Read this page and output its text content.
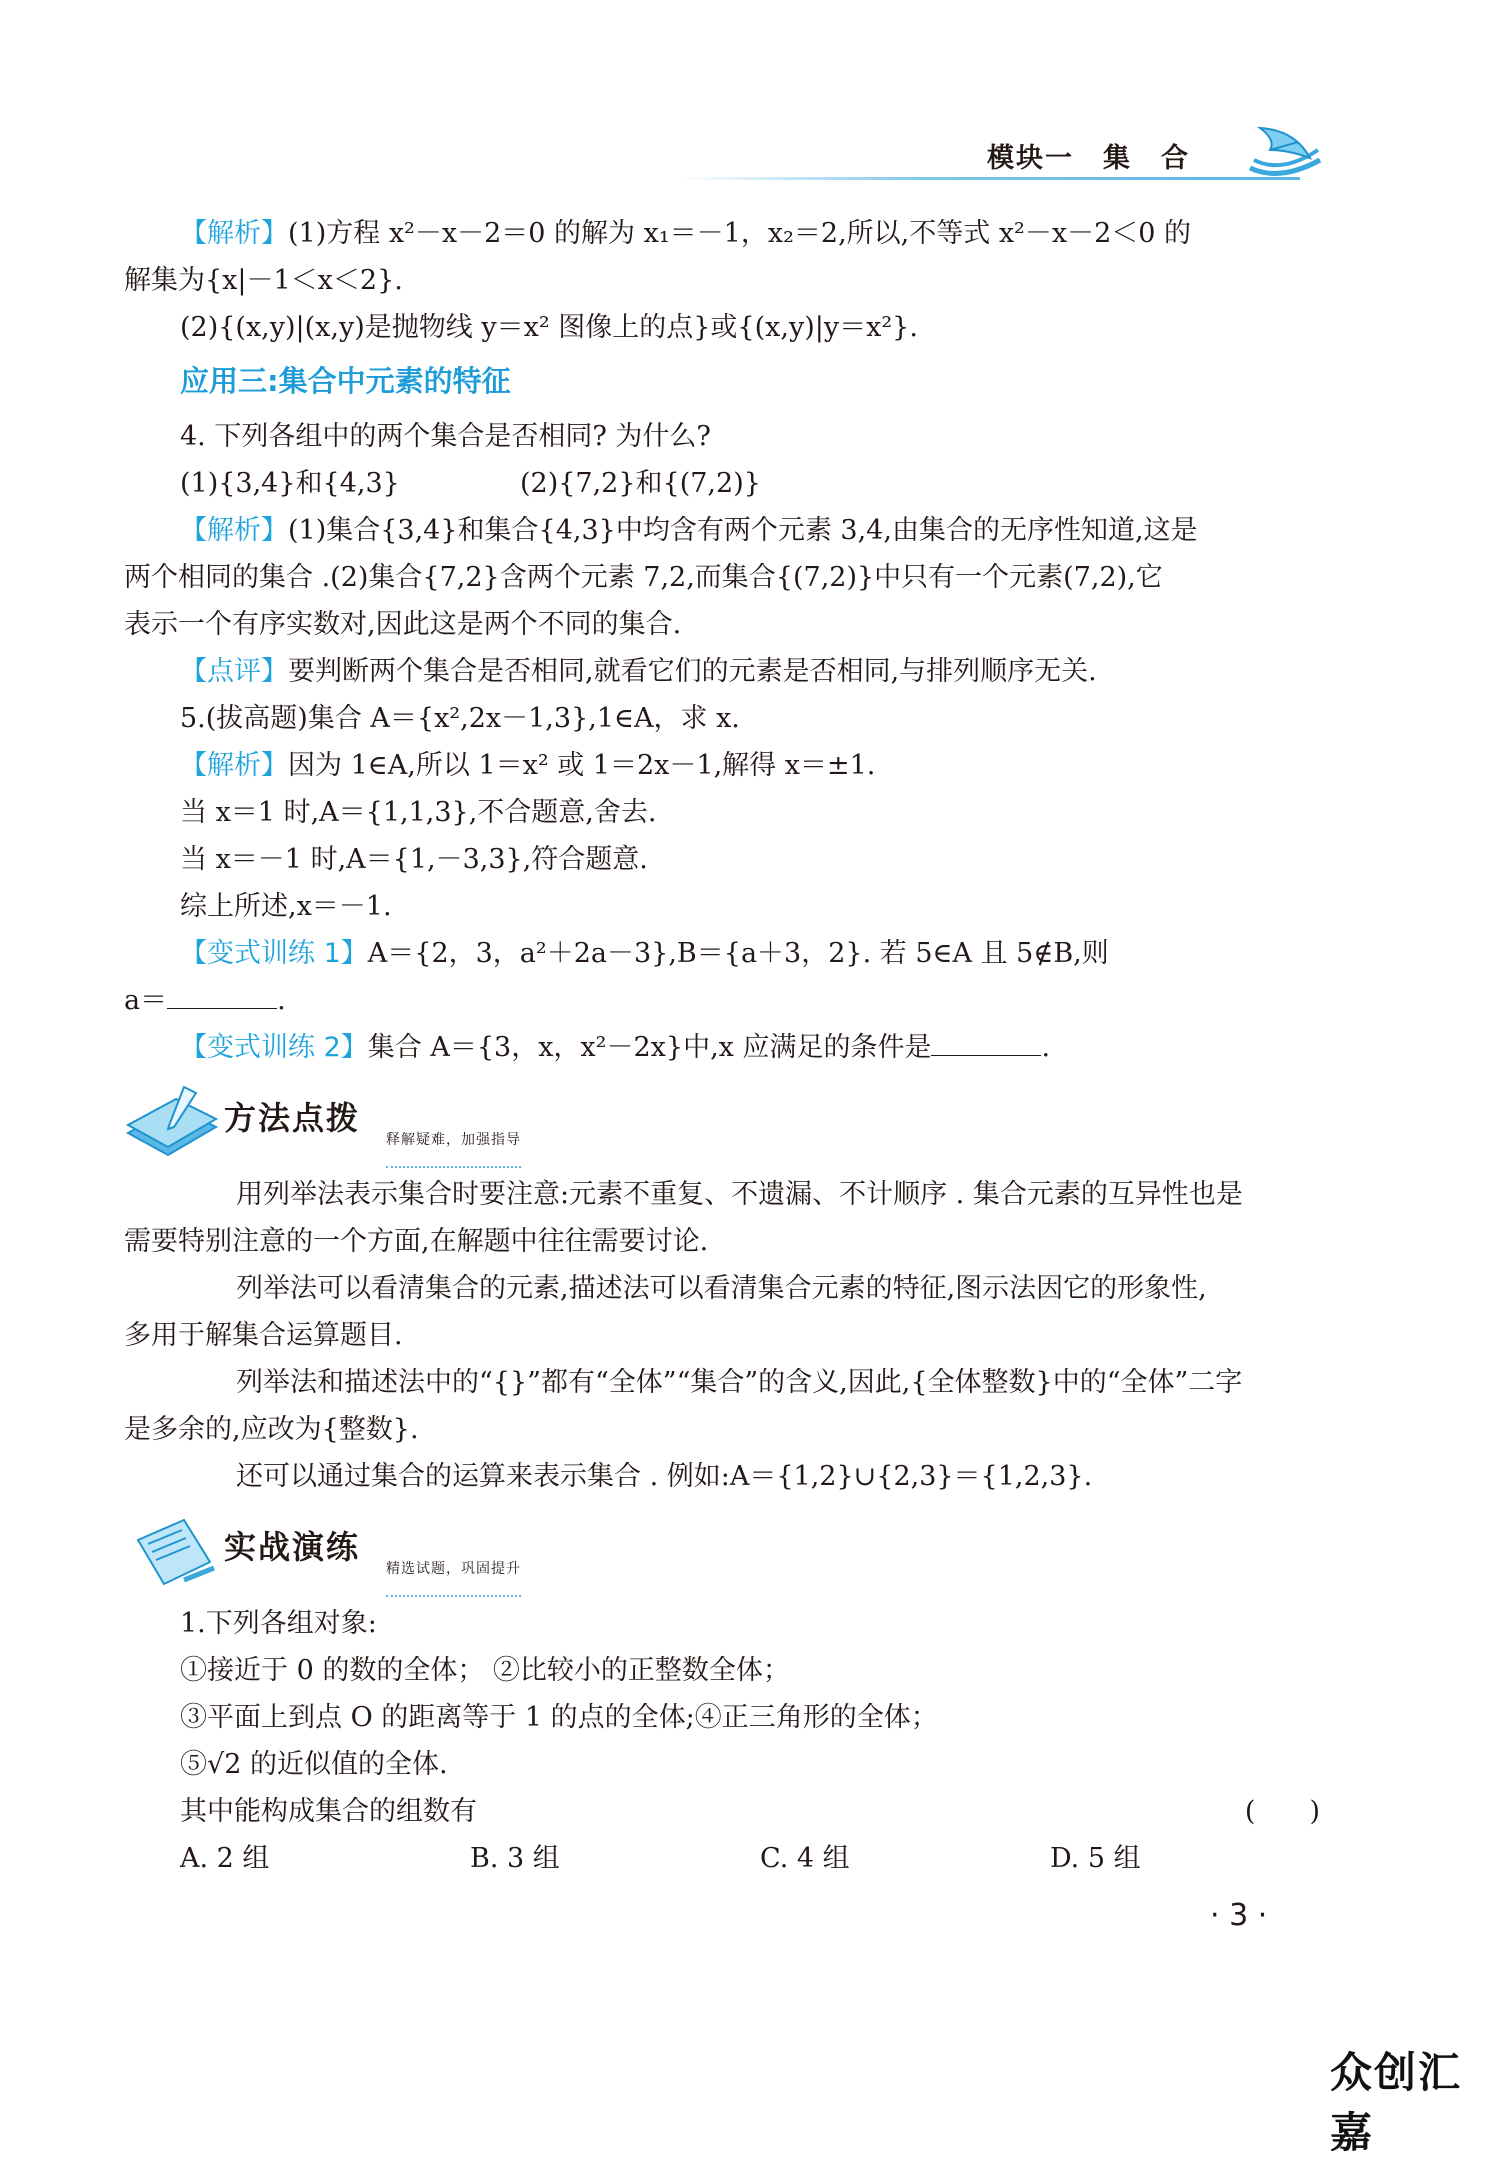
模块一　集　合

【解析】(1)方程 x²－x－2＝0 的解为 x₁＝－1，x₂＝2,所以,不等式 x²－x－2＜0 的

解集为{x|－1＜x＜2}.

(2){(x,y)|(x,y)是抛物线 y＝x² 图像上的点}或{(x,y)|y＝x²}.

应用三:集合中元素的特征

4. 下列各组中的两个集合是否相同? 为什么?

(1){3,4}和{4,3}	(2){7,2}和{(7,2)}

【解析】(1)集合{3,4}和集合{4,3}中均含有两个元素 3,4,由集合的无序性知道,这是

两个相同的集合 .(2)集合{7,2}含两个元素 7,2,而集合{(7,2)}中只有一个元素(7,2),它

表示一个有序实数对,因此这是两个不同的集合.

【点评】要判断两个集合是否相同,就看它们的元素是否相同,与排列顺序无关.

5.(拔高题)集合 A＝{x²,2x－1,3},1∈A，求 x.

【解析】因为 1∈A,所以 1＝x² 或 1＝2x－1,解得 x＝±1.

当 x＝1 时,A＝{1,1,3},不合题意,舍去.

当 x＝－1 时,A＝{1,－3,3},符合题意.

综上所述,x＝－1.

【变式训练 1】A＝{2，3，a²＋2a－3},B＝{a＋3，2}. 若 5∈A 且 5∉B,则

a＝	.

【变式训练 2】集合 A＝{3，x，x²－2x}中,x 应满足的条件是	.

方法点拨
释解疑难，加强指导

用列举法表示集合时要注意:元素不重复、不遗漏、不计顺序 . 集合元素的互异性也是

需要特别注意的一个方面,在解题中往往需要讨论.

列举法可以看清集合的元素,描述法可以看清集合元素的特征,图示法因它的形象性,

多用于解集合运算题目.

列举法和描述法中的“{}”都有“全体”“集合”的含义,因此,{全体整数}中的“全体”二字

是多余的,应改为{整数}.

还可以通过集合的运算来表示集合 . 例如:A＝{1,2}∪{2,3}＝{1,2,3}.

实战演练
精选试题，巩固提升

1.下列各组对象:

①接近于 0 的数的全体； ②比较小的正整数全体；

③平面上到点 O 的距离等于 1 的点的全体;④正三角形的全体；

⑤√2 的近似值的全体.

其中能构成集合的组数有	(　　)
A. 2 组	B. 3 组	C. 4 组	D. 5 组
· 3 ·
众创汇嘉
